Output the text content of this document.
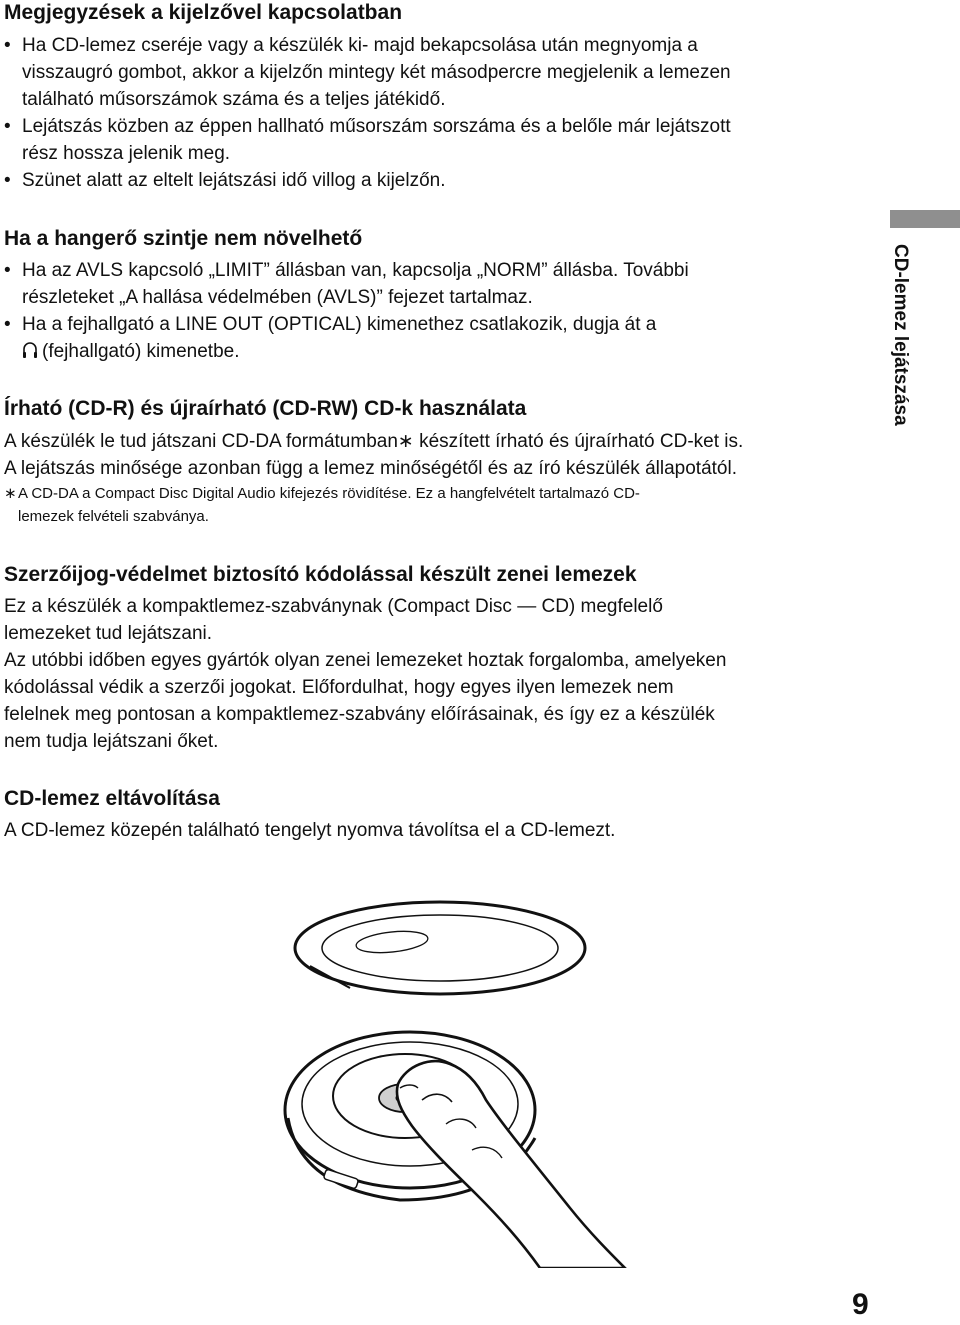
Megjegyzések a kijelzővel kapcsolatban
• Ha CD-lemez cseréje vagy a készülék ki- majd bekapcsolása után megnyomja a
visszaugró gombot, akkor a kijelzőn mintegy két másodpercre megjelenik a lemezen
található műsorszámok száma és a teljes játékidő.
• Lejátszás közben az éppen hallható műsorszám sorszáma és a belőle már lejátszott
rész hossza jelenik meg.
• Szünet alatt az eltelt lejátszási idő villog a kijelzőn.
Ha a hangerő szintje nem növelhető
• Ha az AVLS kapcsoló „LIMIT” állásban van, kapcsolja „NORM” állásba. További
részleteket „A hallása védelmében (AVLS)” fejezet tartalmaz.
• Ha a fejhallgató a LINE OUT (OPTICAL) kimenethez csatlakozik, dugja át a
(fejhallgató) kimenetbe.
Írható (CD-R) és újraírható (CD-RW) CD-k használata

A készülék le tud játszani CD-DA formátumban∗ készített írható és újraírható CD-ket is.
A lejátszás minősége azonban függ a lemez minőségétől és az író készülék állapotától.

∗A CD-DA a Compact Disc Digital Audio kifejezés rövidítése. Ez a hangfelvételt tartalmazó CD-
lemezek felvételi szabványa.

Szerzőijog-védelmet biztosító kódolással készült zenei lemezek

Ez a készülék a kompaktlemez-szabványnak (Compact Disc — CD) megfelelő
lemezeket tud lejátszani.
Az utóbbi időben egyes gyártók olyan zenei lemezeket hoztak forgalomba, amelyeken
kódolással védik a szerzői jogokat. Előfordulhat, hogy egyes ilyen lemezek nem
felelnek meg pontosan a kompaktlemez-szabvány előírásainak, és így ez a készülék
nem tudja lejátszani őket.

CD-lemez eltávolítása

A CD-lemez közepén található tengelyt nyomva távolítsa el a CD-lemezt.

CD-lemez lejátszása
9
